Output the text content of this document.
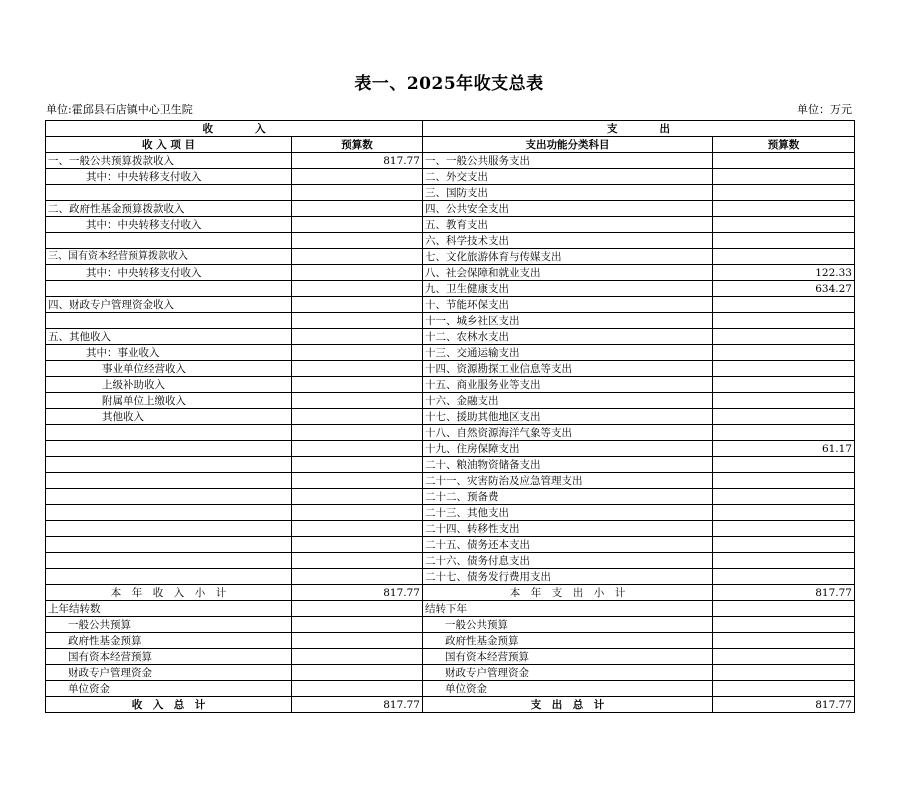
表一、2025年收支总表
单位:霍邱县石店镇中心卫生院	单位：万元
收　　　　入		支　　　　出	
收 入 项 目	预算数	支出功能分类科目	预算数
一、一般公共预算拨款收入	817.77	一、一般公共服务支出	
其中：中央转移支付收入		二、外交支出	
		三、国防支出	
二、政府性基金预算拨款收入		四、公共安全支出	
其中：中央转移支付收入		五、教育支出	
		六、科学技术支出	
三、国有资本经营预算拨款收入		七、文化旅游体育与传媒支出	
其中：中央转移支付收入		八、社会保障和就业支出	122.33
		九、卫生健康支出	634.27
四、财政专户管理资金收入		十、节能环保支出	
		十一、城乡社区支出	
五、其他收入		十二、农林水支出	
其中：事业收入		十三、交通运输支出	
事业单位经营收入		十四、资源勘探工业信息等支出	
上级补助收入		十五、商业服务业等支出	
附属单位上缴收入		十六、金融支出	
其他收入		十七、援助其他地区支出	
		十八、自然资源海洋气象等支出	
		十九、住房保障支出	61.17
		二十、粮油物资储备支出	
		二十一、灾害防治及应急管理支出	
		二十二、预备费	
		二十三、其他支出	
		二十四、转移性支出	
		二十五、债务还本支出	
		二十六、债务付息支出	
		二十七、债务发行费用支出	
本　年　收　入　小　计	817.77	本　年　支　出　小　计	817.77
上年结转数		结转下年	
一般公共预算		一般公共预算	
政府性基金预算		政府性基金预算	
国有资本经营预算		国有资本经营预算	
财政专户管理资金		财政专户管理资金	
单位资金		单位资金	
收　入　总　计	817.77	支　出　总　计	817.77
